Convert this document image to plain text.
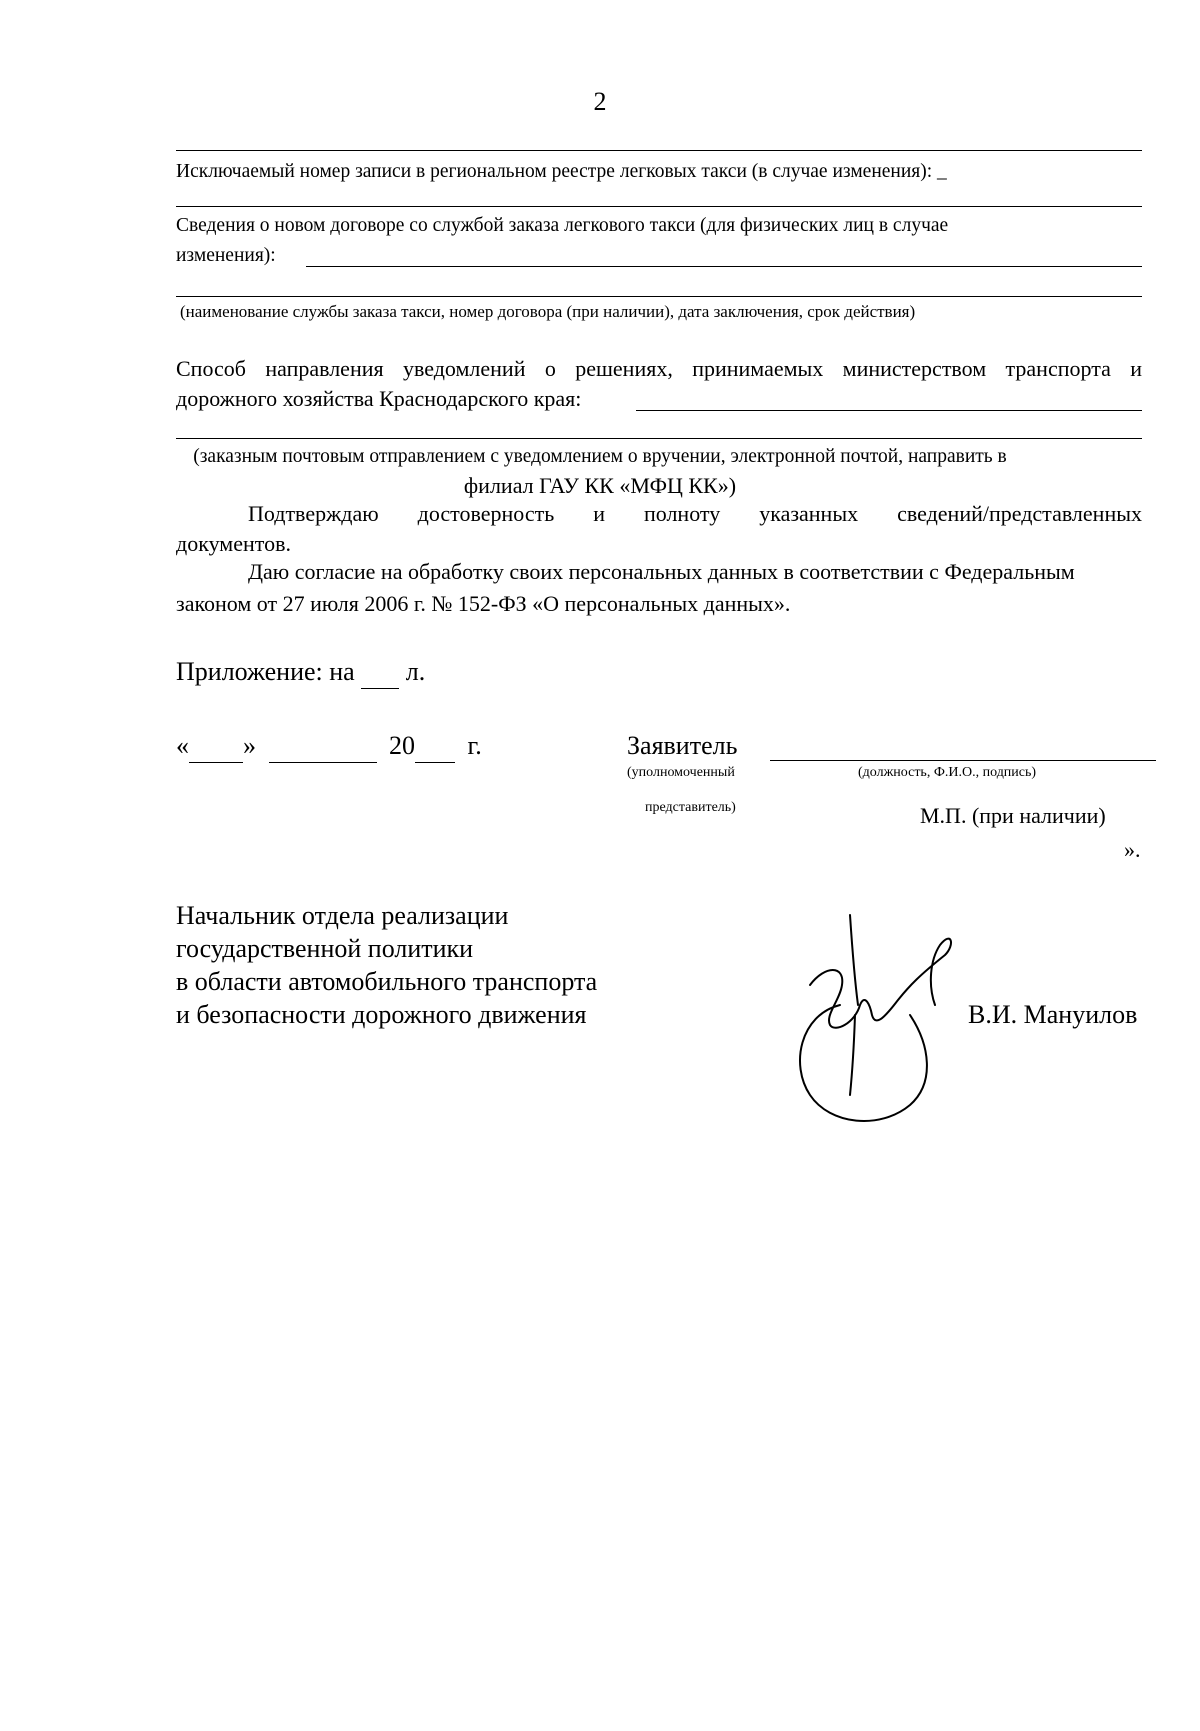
2
Исключаемый номер записи в региональном реестре легковых такси (в случае изменения): _
Сведения о новом договоре со службой заказа легкового такси (для физических лиц в случае
изменения):
(наименование службы заказа такси, номер договора (при наличии), дата заключения, срок действия)
Способ направления уведомлений о решениях, принимаемых министерством транспорта и
дорожного хозяйства Краснодарского края:
(заказным почтовым отправлением с уведомлением о вручении, электронной почтой, направить в
филиал ГАУ КК «МФЦ КК»)
Подтверждаю достоверность и полноту указанных сведений/представленных
документов.
Даю согласие на обработку своих персональных данных в соответствии с Федеральным
законом от 27 июля 2006 г. № 152-ФЗ «О персональных данных».
Приложение: на л.
« »	20 г.	Заявитель
(уполномоченный	(должность, Ф.И.О., подпись)
представитель)	М.П. (при наличии)
».
Начальник отдела реализации
государственной политики
в области автомобильного транспорта
и безопасности дорожного движения	В.И. Мануилов
